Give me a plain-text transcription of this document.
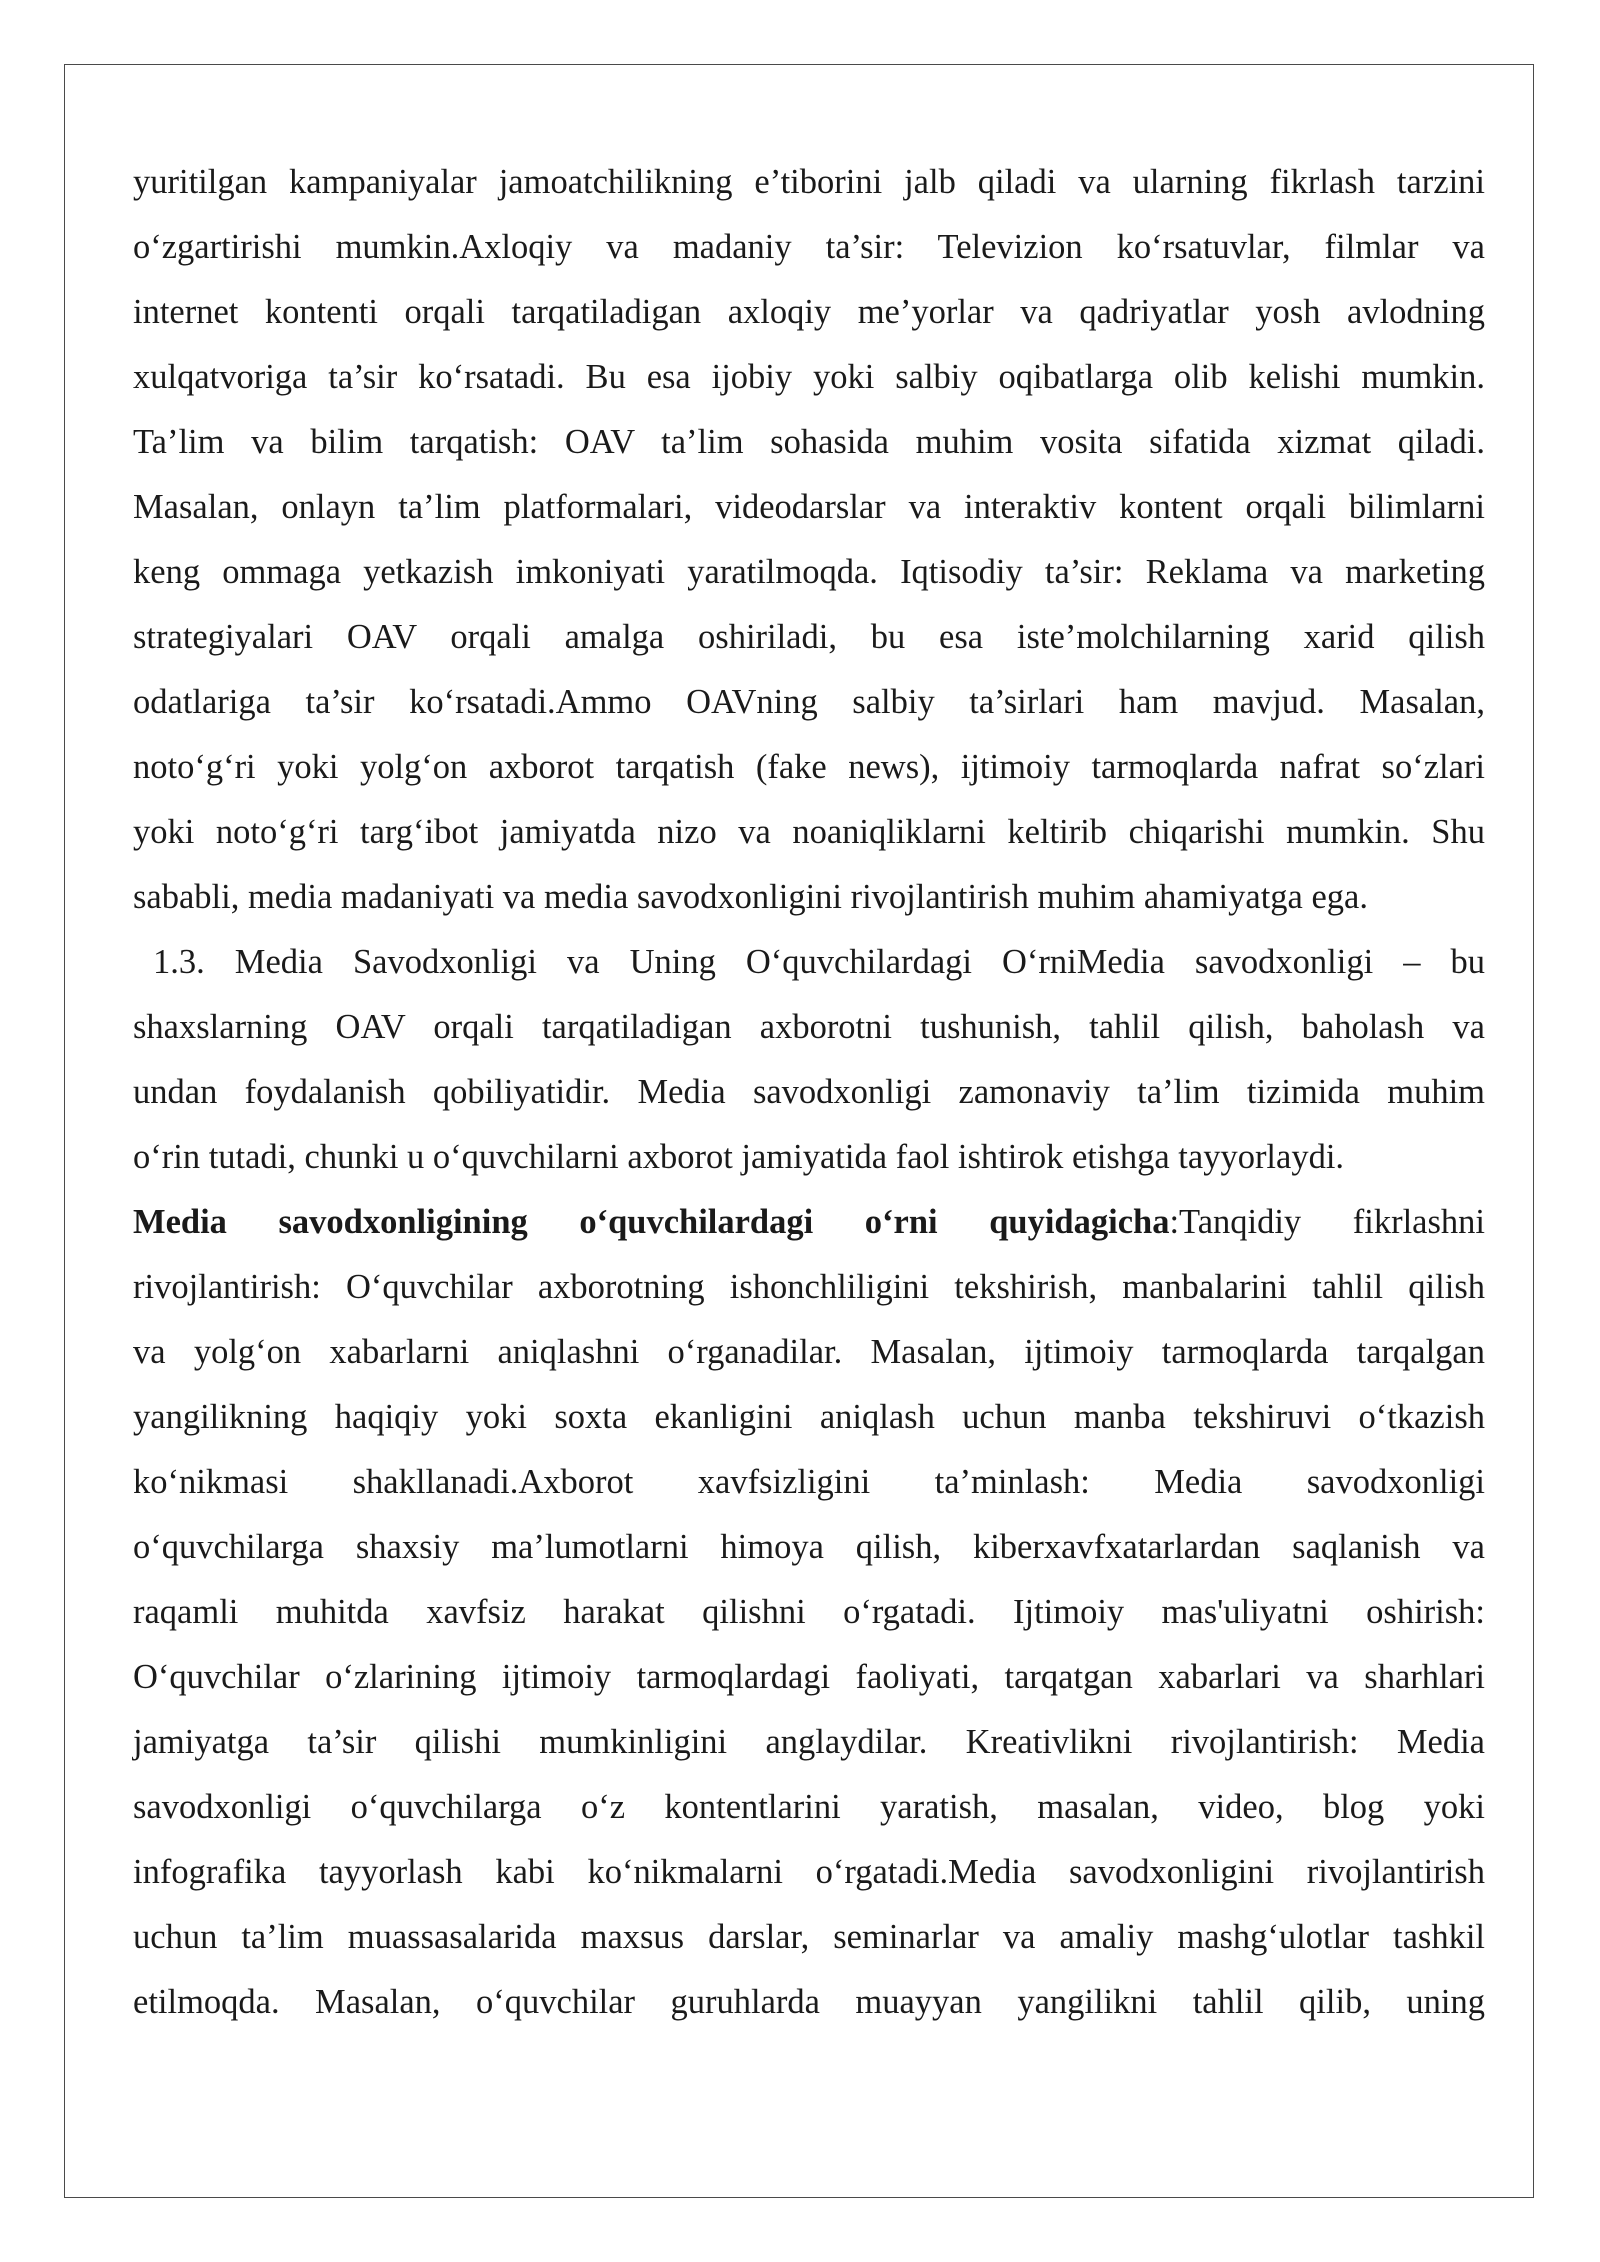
yuritilgan kampaniyalar jamoatchilikning e’tiborini jalb qiladi va ularning fikrlash tarzini
o‘zgartirishi mumkin.Axloqiy va madaniy ta’sir: Televizion ko‘rsatuvlar, filmlar va
internet kontenti orqali tarqatiladigan axloqiy me’yorlar va qadriyatlar yosh avlodning
xulqatvoriga ta’sir ko‘rsatadi. Bu esa ijobiy yoki salbiy oqibatlarga olib kelishi mumkin.
Ta’lim va bilim tarqatish: OAV ta’lim sohasida muhim vosita sifatida xizmat qiladi.
Masalan, onlayn ta’lim platformalari, videodarslar va interaktiv kontent orqali bilimlarni
keng ommaga yetkazish imkoniyati yaratilmoqda. Iqtisodiy ta’sir: Reklama va marketing
strategiyalari OAV orqali amalga oshiriladi, bu esa iste’molchilarning xarid qilish
odatlariga ta’sir ko‘rsatadi.Ammo OAVning salbiy ta’sirlari ham mavjud. Masalan,
noto‘g‘ri yoki yolg‘on axborot tarqatish (fake news), ijtimoiy tarmoqlarda nafrat so‘zlari
yoki noto‘g‘ri targ‘ibot jamiyatda nizo va noaniqliklarni keltirib chiqarishi mumkin. Shu
sababli, media madaniyati va media savodxonligini rivojlantirish muhim ahamiyatga ega.
1.3. Media Savodxonligi va Uning O‘quvchilardagi O‘rniMedia savodxonligi – bu
shaxslarning OAV orqali tarqatiladigan axborotni tushunish, tahlil qilish, baholash va
undan foydalanish qobiliyatidir. Media savodxonligi zamonaviy ta’lim tizimida muhim
o‘rin tutadi, chunki u o‘quvchilarni axborot jamiyatida faol ishtirok etishga tayyorlaydi.
Media savodxonligining o‘quvchilardagi o‘rni quyidagicha:Tanqidiy fikrlashni
rivojlantirish: O‘quvchilar axborotning ishonchliligini tekshirish, manbalarini tahlil qilish
va yolg‘on xabarlarni aniqlashni o‘rganadilar. Masalan, ijtimoiy tarmoqlarda tarqalgan
yangilikning haqiqiy yoki soxta ekanligini aniqlash uchun manba tekshiruvi o‘tkazish
ko‘nikmasi shakllanadi.Axborot xavfsizligini ta’minlash: Media savodxonligi
o‘quvchilarga shaxsiy ma’lumotlarni himoya qilish, kiberxavfxatarlardan saqlanish va
raqamli muhitda xavfsiz harakat qilishni o‘rgatadi. Ijtimoiy mas'uliyatni oshirish:
O‘quvchilar o‘zlarining ijtimoiy tarmoqlardagi faoliyati, tarqatgan xabarlari va sharhlari
jamiyatga ta’sir qilishi mumkinligini anglaydilar. Kreativlikni rivojlantirish: Media
savodxonligi o‘quvchilarga o‘z kontentlarini yaratish, masalan, video, blog yoki
infografika tayyorlash kabi ko‘nikmalarni o‘rgatadi.Media savodxonligini rivojlantirish
uchun ta’lim muassasalarida maxsus darslar, seminarlar va amaliy mashg‘ulotlar tashkil
etilmoqda. Masalan, o‘quvchilar guruhlarda muayyan yangilikni tahlil qilib, uning
